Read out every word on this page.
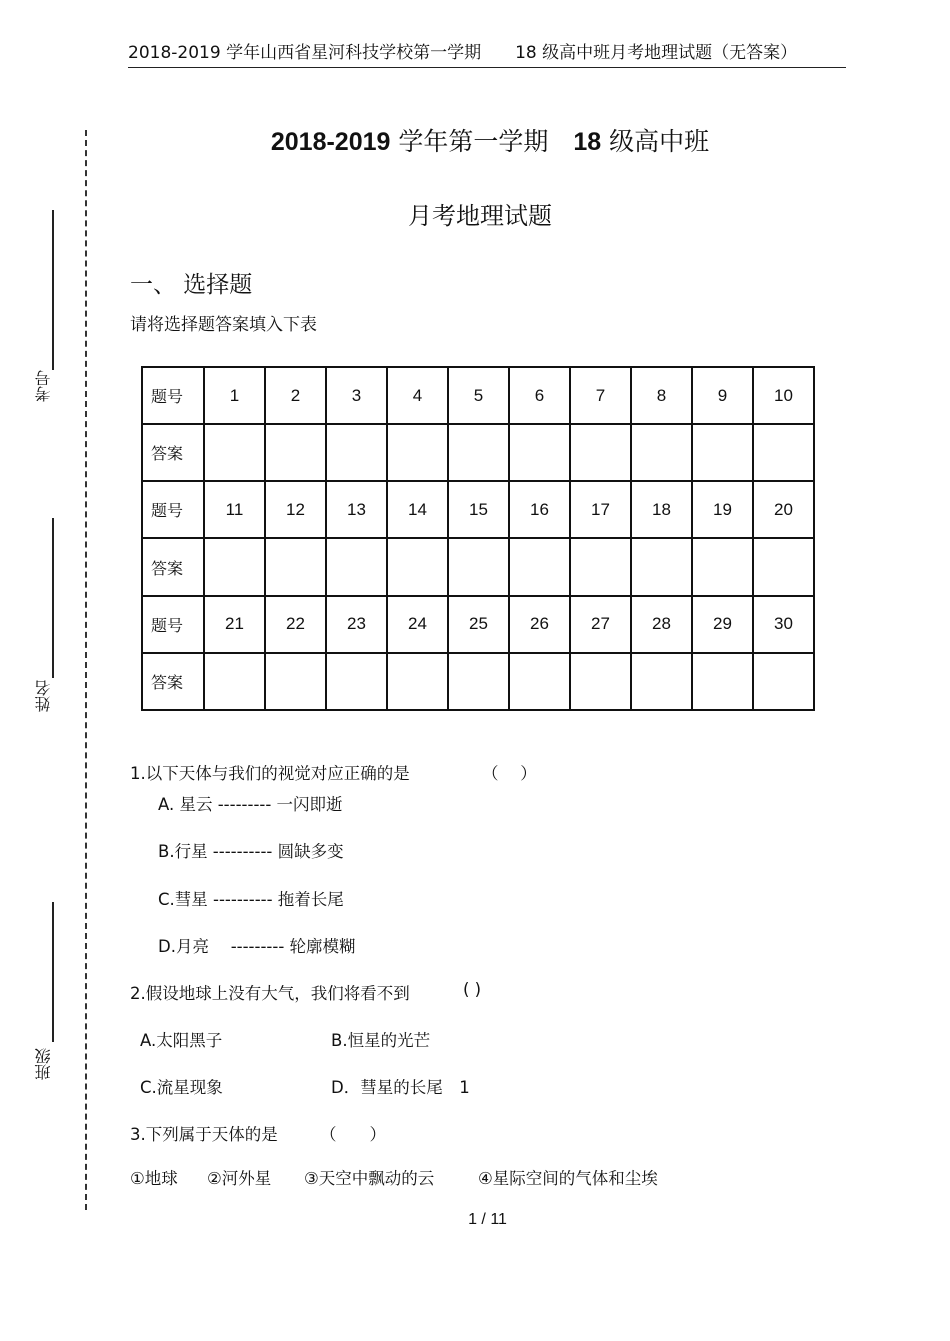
2018-2019 学年山西省星河科技学校第一学期　　18 级高中班月考地理试题（无答案）
考号
姓名
班级
2018-2019 学年第一学期　18 级高中班
月考地理试题
一、 选择题
请将选择题答案填入下表
题号	1	2	3	4	5	6	7	8	9	10
答案										
题号	11	12	13	14	15	16	17	18	19	20
答案										
题号	21	22	23	24	25	26	27	28	29	30
答案										
1.以下天体与我们的视觉对应正确的是	（　 ）
A. 星云 --------- 一闪即逝
B.行星 ---------- 圆缺多变
C.彗星 ---------- 拖着长尾
D.月亮 　--------- 轮廓模糊
2.假设地球上没有大气，我们将看不到	( )
A.太阳黑子	B.恒星的光芒
C.流星现象	D．彗星的长尾　1
3.下列属于天体的是	（　　）
①地球 ②河外星 ③天空中飘动的云	④星际空间的气体和尘埃
1 / 11
